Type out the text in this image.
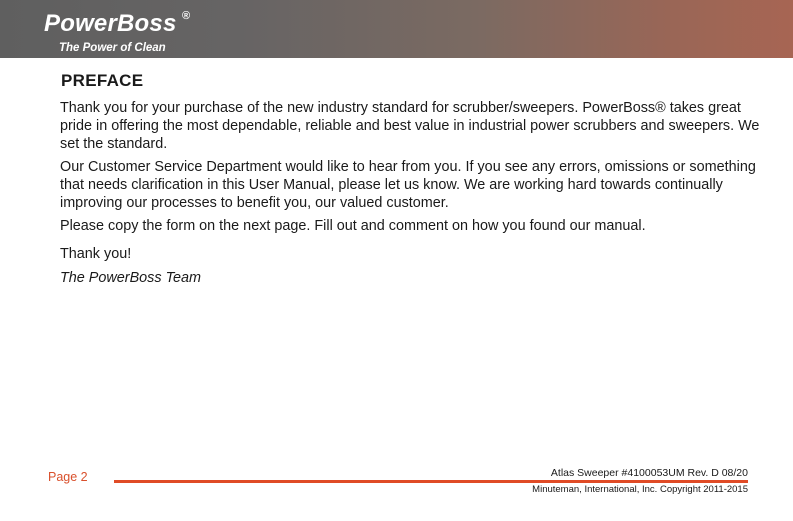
PowerBoss ®
The Power of Clean
PREFACE

Thank you for your purchase of the new industry standard for scrubber/sweepers. PowerBoss® takes great pride in offering the most dependable, reliable and best value in industrial power scrubbers and sweepers. We set the standard.

Our Customer Service Department would like to hear from you. If you see any errors, omissions or something that needs clarification in this User Manual, please let us know. We are working hard towards continually improving our processes to benefit you, our valued customer.

Please copy the form on the next page. Fill out and comment on how you found our manual.

Thank you!

The PowerBoss Team

Page 2	Atlas Sweeper #4100053UM Rev. D 08/20
Minuteman, International, Inc. Copyright 2011-2015
